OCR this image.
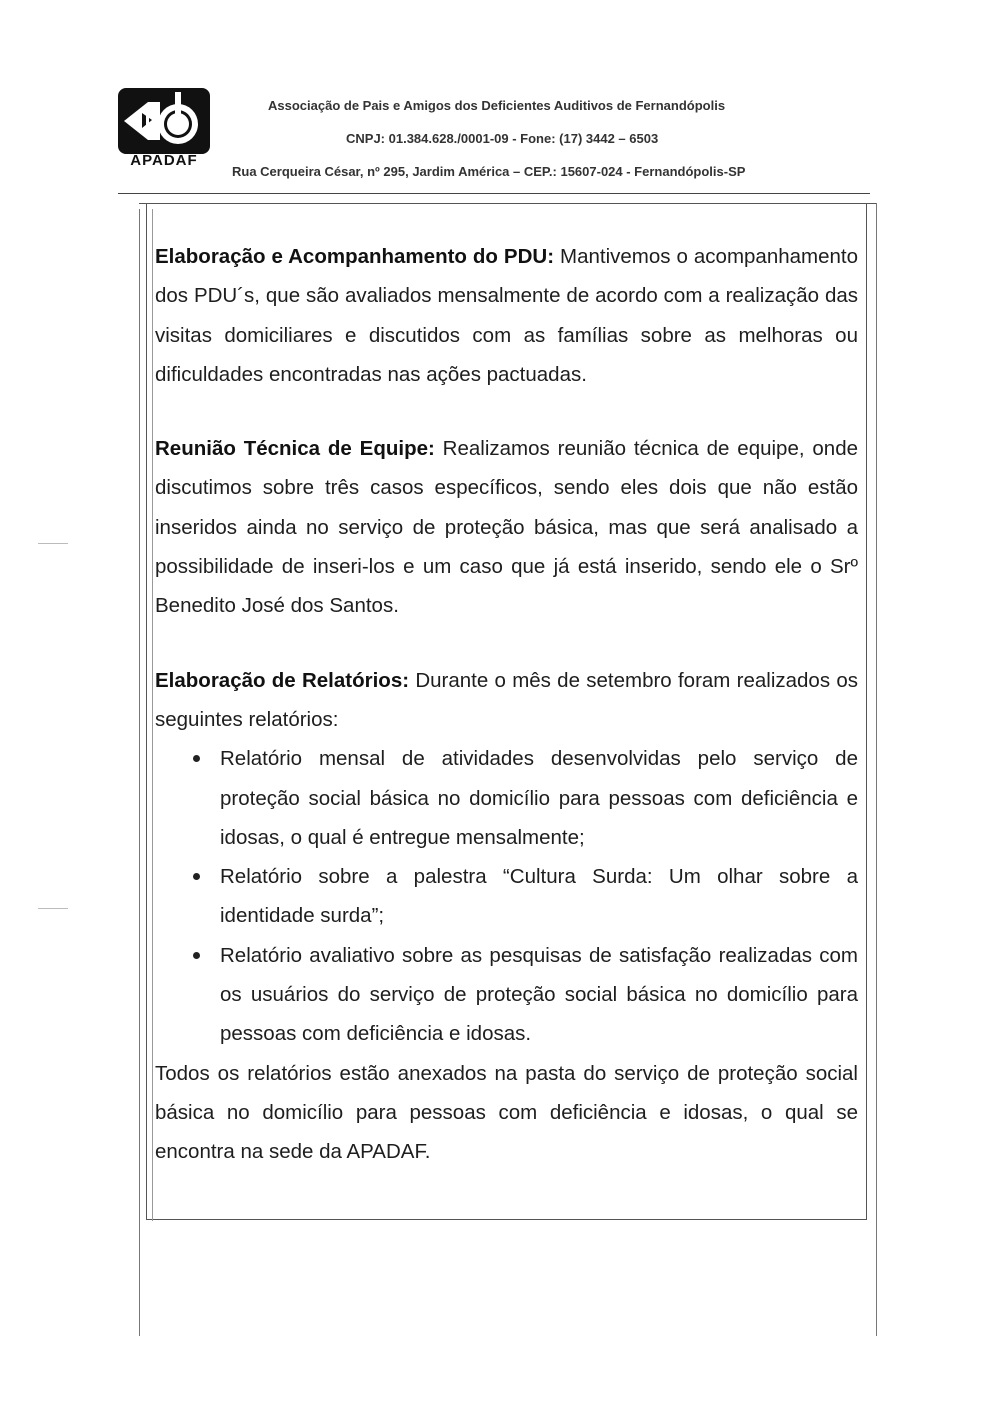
APADAF
Associação de Pais e Amigos dos Deficientes Auditivos de Fernandópolis
CNPJ: 01.384.628./0001-09 - Fone: (17) 3442 – 6503
Rua Cerqueira César, nº 295, Jardim América – CEP.: 15607-024 - Fernandópolis-SP

Elaboração e Acompanhamento do PDU: Mantivemos o acompanhamento dos PDU´s, que são avaliados mensalmente de acordo com a realização das visitas domiciliares e discutidos com as famílias sobre as melhoras ou dificuldades encontradas nas ações pactuadas.

Reunião Técnica de Equipe: Realizamos reunião técnica de equipe, onde discutimos sobre três casos específicos, sendo eles dois que não estão inseridos ainda no serviço de proteção básica, mas que será analisado a possibilidade de inseri-los e um caso que já está inserido, sendo ele o Srº Benedito José dos Santos.

Elaboração de Relatórios: Durante o mês de setembro foram realizados os seguintes relatórios:

Relatório mensal de atividades desenvolvidas pelo serviço de proteção social básica no domicílio para pessoas com deficiência e idosas, o qual é entregue mensalmente;
Relatório sobre a palestra “Cultura Surda: Um olhar sobre a identidade surda”;
Relatório avaliativo sobre as pesquisas de satisfação realizadas com os usuários do serviço de proteção social básica no domicílio para pessoas com deficiência e idosas.

Todos os relatórios estão anexados na pasta do serviço de proteção social básica no domicílio para pessoas com deficiência e idosas, o qual se encontra na sede da APADAF.
